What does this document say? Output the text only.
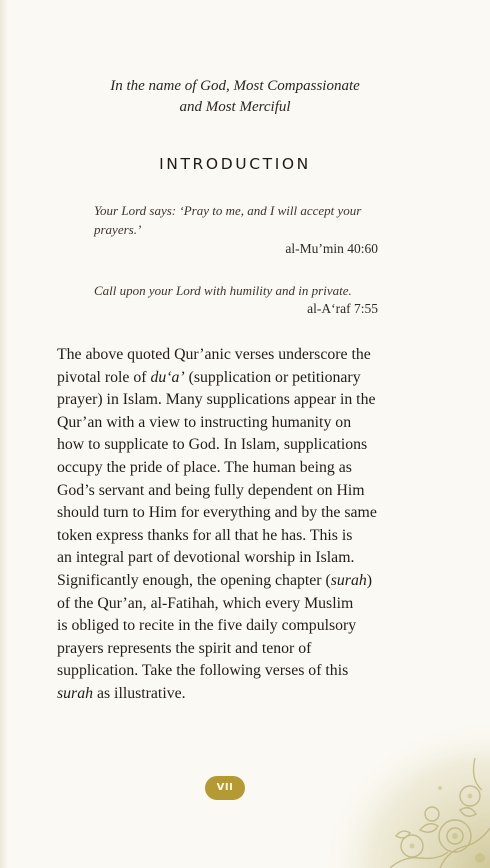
In the name of God, Most Compassionate
and Most Merciful
INTRODUCTION
Your Lord says: ‘Pray to me, and I will accept your prayers.’
al-Mu’min 40:60
Call upon your Lord with humility and in private.
al-A‘raf 7:55
The above quoted Qur’anic verses underscore the
pivotal role of du‘a’ (supplication or petitionary
prayer) in Islam. Many supplications appear in the
Qur’an with a view to instructing humanity on
how to supplicate to God. In Islam, supplications
occupy the pride of place. The human being as
God’s servant and being fully dependent on Him
should turn to Him for everything and by the same
token express thanks for all that he has. This is
an integral part of devotional worship in Islam.
Significantly enough, the opening chapter (surah)
of the Qur’an, al-Fatihah, which every Muslim
is obliged to recite in the five daily compulsory
prayers represents the spirit and tenor of
supplication. Take the following verses of this
surah as illustrative.
VII
